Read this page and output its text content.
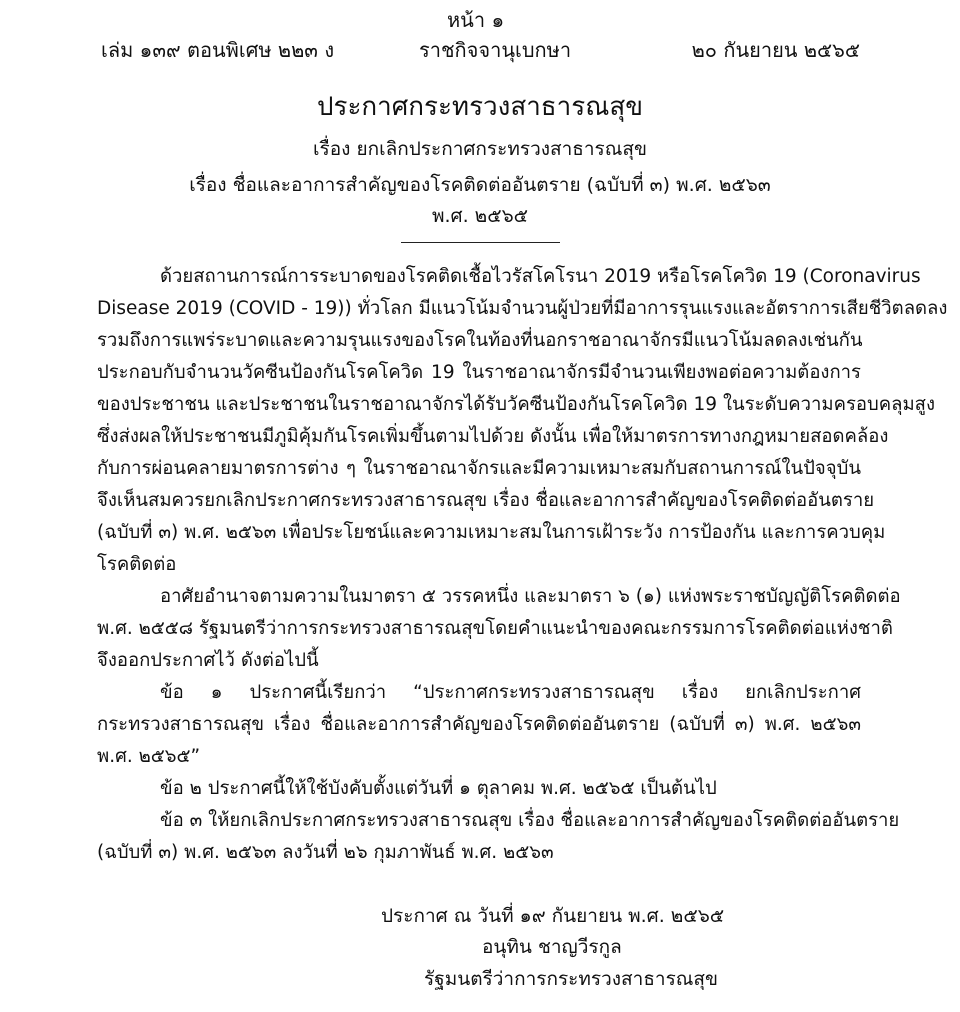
หน้า ๑
เล่ม ๑๓๙ ตอนพิเศษ ๒๒๓ ง	ราชกิจจานุเบกษา	๒๐ กันยายน ๒๕๖๕
ประกาศกระทรวงสาธารณสุข
เรื่อง ยกเลิกประกาศกระทรวงสาธารณสุข
เรื่อง ชื่อและอาการสำคัญของโรคติดต่ออันตราย (ฉบับที่ ๓) พ.ศ. ๒๕๖๓
พ.ศ. ๒๕๖๕
ด้วยสถานการณ์การระบาดของโรคติดเชื้อไวรัสโคโรนา 2019 หรือโรคโควิด 19 (Coronavirus
Disease 2019 (COVID - 19)) ทั่วโลก มีแนวโน้มจำนวนผู้ป่วยที่มีอาการรุนแรงและอัตราการเสียชีวิตลดลง
รวมถึงการแพร่ระบาดและความรุนแรงของโรคในท้องที่นอกราชอาณาจักรมีแนวโน้มลดลงเช่นกัน
ประกอบกับจำนวนวัคซีนป้องกันโรคโควิด 19 ในราชอาณาจักรมีจำนวนเพียงพอต่อความต้องการ
ของประชาชน และประชาชนในราชอาณาจักรได้รับวัคซีนป้องกันโรคโควิด 19 ในระดับความครอบคลุมสูง
ซึ่งส่งผลให้ประชาชนมีภูมิคุ้มกันโรคเพิ่มขึ้นตามไปด้วย ดังนั้น เพื่อให้มาตรการทางกฎหมายสอดคล้อง
กับการผ่อนคลายมาตรการต่าง ๆ ในราชอาณาจักรและมีความเหมาะสมกับสถานการณ์ในปัจจุบัน
จึงเห็นสมควรยกเลิกประกาศกระทรวงสาธารณสุข เรื่อง ชื่อและอาการสำคัญของโรคติดต่ออันตราย
(ฉบับที่ ๓) พ.ศ. ๒๕๖๓ เพื่อประโยชน์และความเหมาะสมในการเฝ้าระวัง การป้องกัน และการควบคุม
โรคติดต่อ
อาศัยอำนาจตามความในมาตรา ๕ วรรคหนึ่ง และมาตรา ๖ (๑) แห่งพระราชบัญญัติโรคติดต่อ
พ.ศ. ๒๕๕๘ รัฐมนตรีว่าการกระทรวงสาธารณสุขโดยคำแนะนำของคณะกรรมการโรคติดต่อแห่งชาติ
จึงออกประกาศไว้ ดังต่อไปนี้
ข้อ ๑ ประกาศนี้เรียกว่า “ประกาศกระทรวงสาธารณสุข เรื่อง ยกเลิกประกาศ
กระทรวงสาธารณสุข เรื่อง ชื่อและอาการสำคัญของโรคติดต่ออันตราย (ฉบับที่ ๓) พ.ศ. ๒๕๖๓
พ.ศ. ๒๕๖๕”
ข้อ ๒ ประกาศนี้ให้ใช้บังคับตั้งแต่วันที่ ๑ ตุลาคม พ.ศ. ๒๕๖๕ เป็นต้นไป
ข้อ ๓ ให้ยกเลิกประกาศกระทรวงสาธารณสุข เรื่อง ชื่อและอาการสำคัญของโรคติดต่ออันตราย
(ฉบับที่ ๓) พ.ศ. ๒๕๖๓ ลงวันที่ ๒๖ กุมภาพันธ์ พ.ศ. ๒๕๖๓
ประกาศ ณ วันที่ ๑๙ กันยายน พ.ศ. ๒๕๖๕
อนุทิน ชาญวีรกูล
รัฐมนตรีว่าการกระทรวงสาธารณสุข
